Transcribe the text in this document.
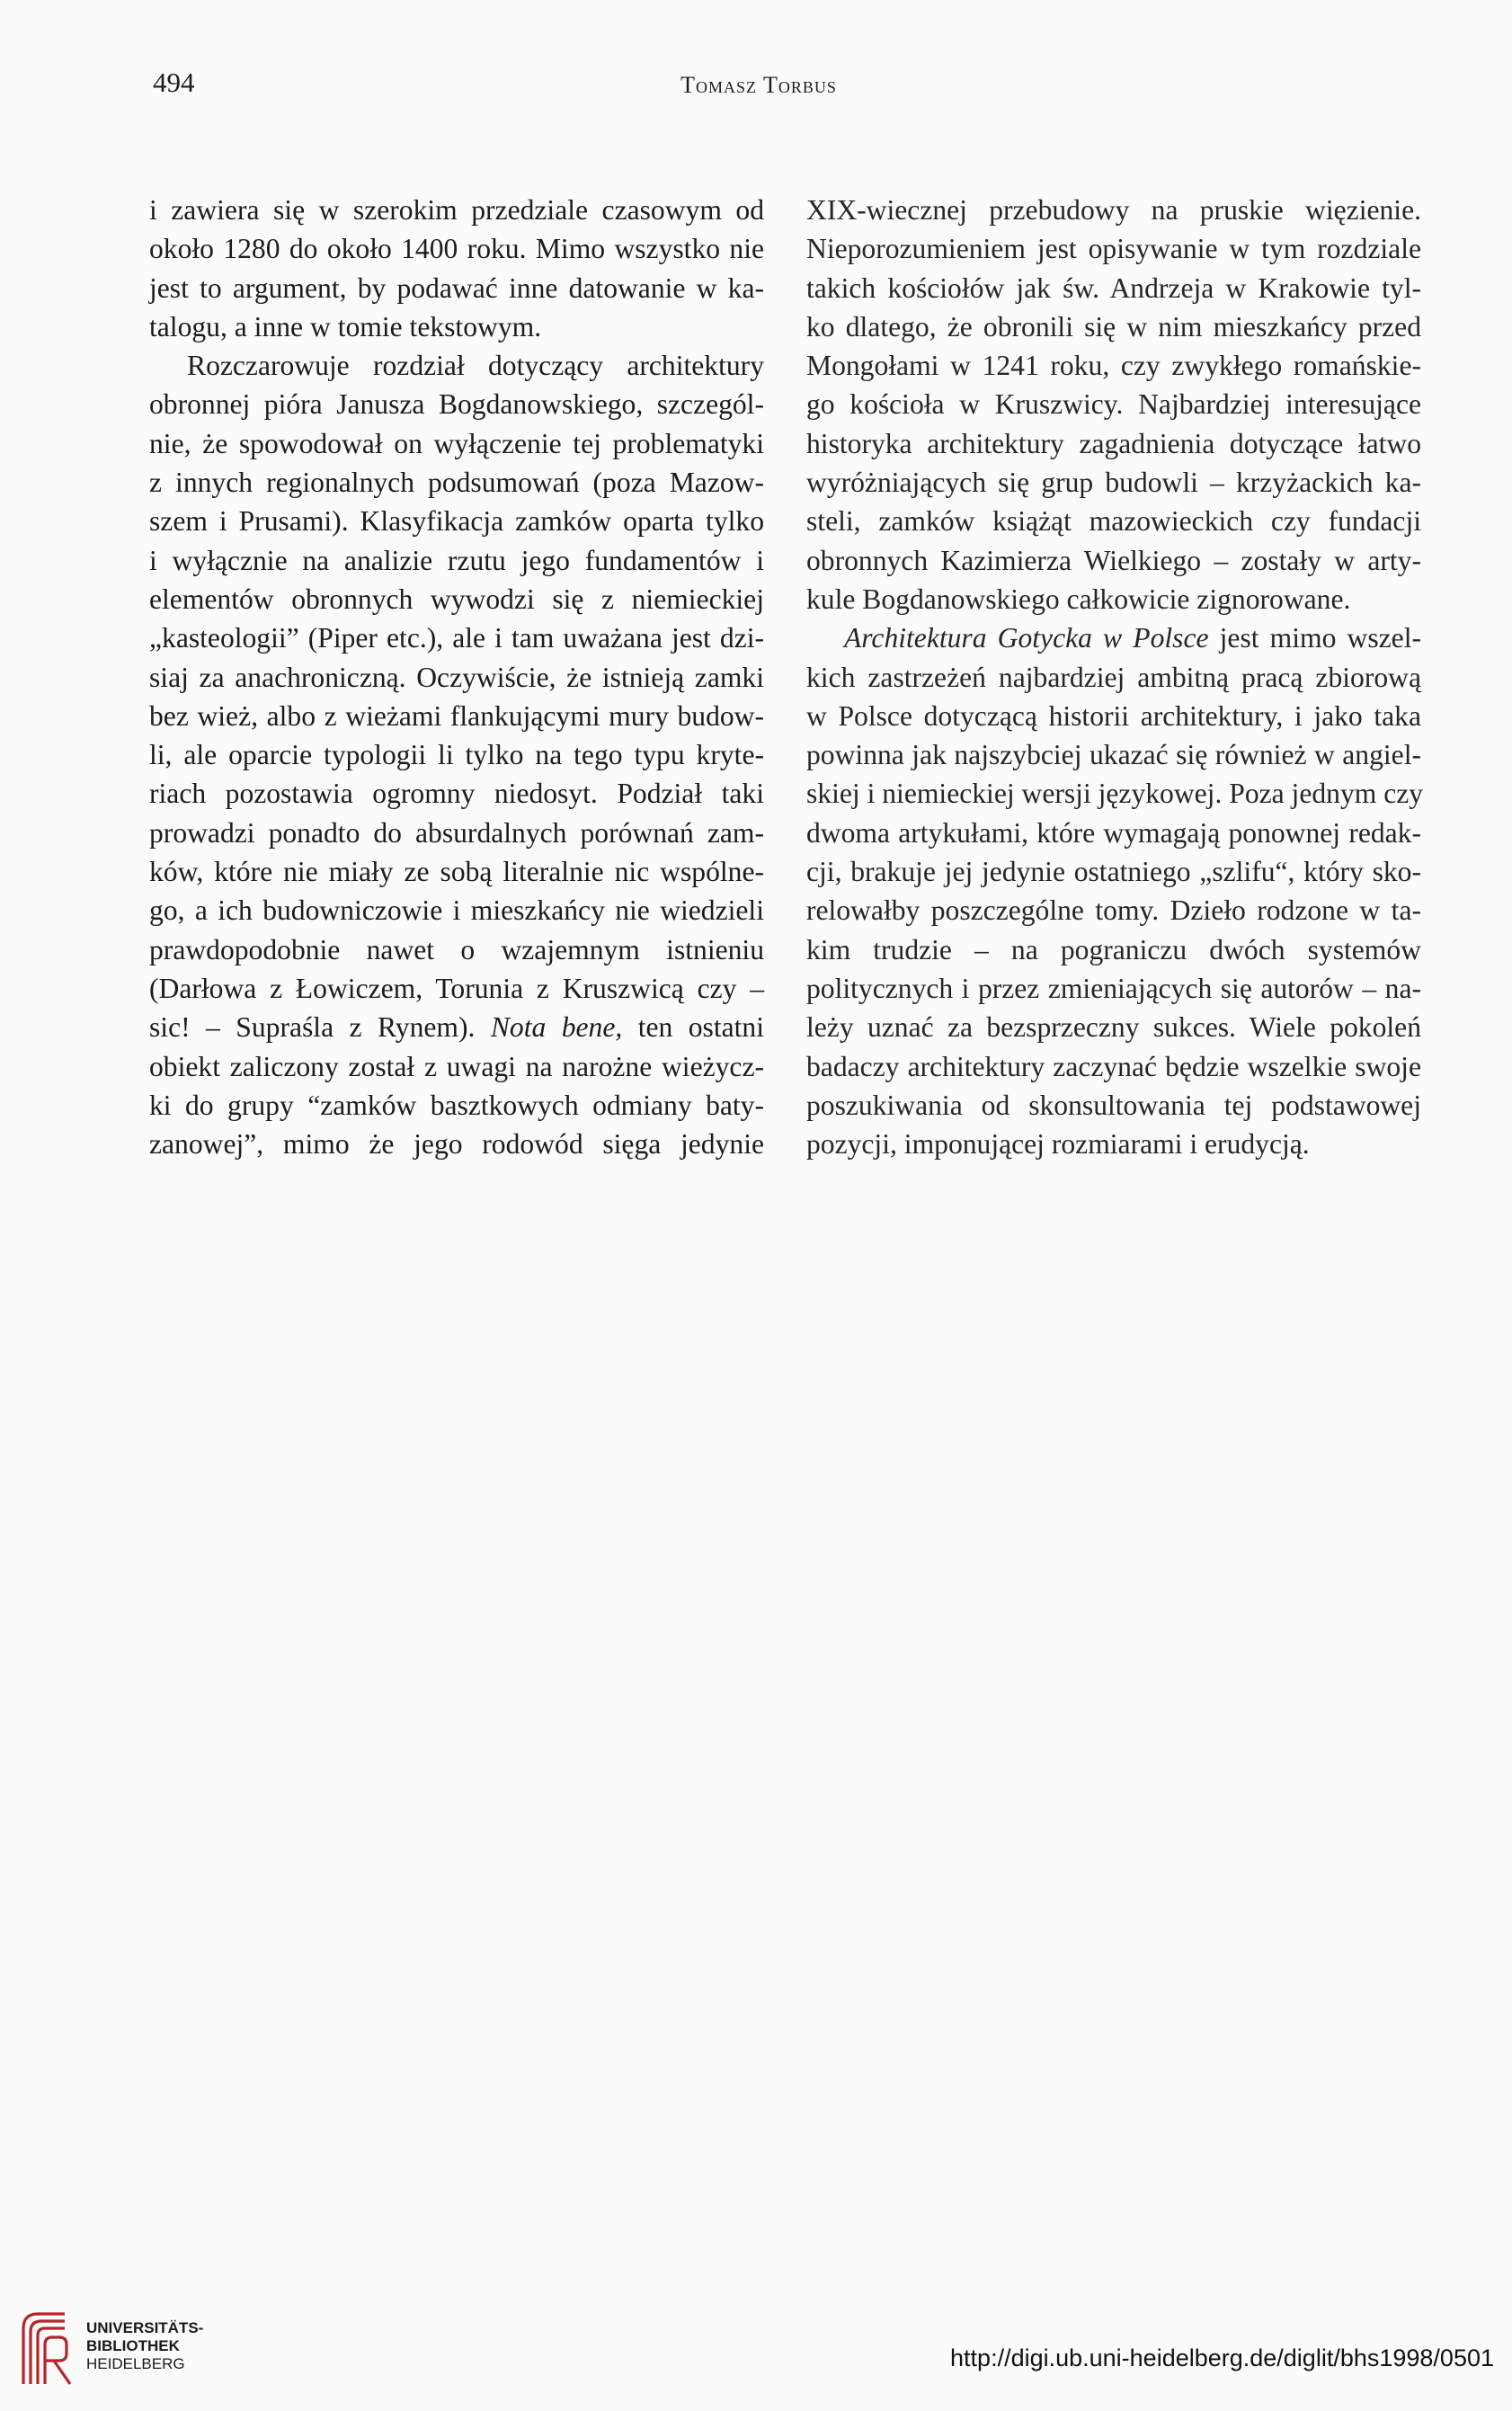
494	Tomasz Torbus
i zawiera się w szerokim przedziale czasowym od
około 1280 do około 1400 roku. Mimo wszystko nie
jest to argument, by podawać inne datowanie w ka-
talogu, a inne w tomie tekstowym.
Rozczarowuje rozdział dotyczący architektury
obronnej pióra Janusza Bogdanowskiego, szczegól-
nie, że spowodował on wyłączenie tej problematyki
z innych regionalnych podsumowań (poza Mazow-
szem i Prusami). Klasyfikacja zamków oparta tylko
i wyłącznie na analizie rzutu jego fundamentów i
elementów obronnych wywodzi się z niemieckiej
„kasteologii” (Piper etc.), ale i tam uważana jest dzi-
siaj za anachroniczną. Oczywiście, że istnieją zamki
bez wież, albo z wieżami flankującymi mury budow-
li, ale oparcie typologii li tylko na tego typu kryte-
riach pozostawia ogromny niedosyt. Podział taki
prowadzi ponadto do absurdalnych porównań zam-
ków, które nie miały ze sobą literalnie nic wspólne-
go, a ich budowniczowie i mieszkańcy nie wiedzieli
prawdopodobnie nawet o wzajemnym istnieniu
(Darłowa z Łowiczem, Torunia z Kruszwicą czy –
sic! – Supraśla z Rynem). Nota bene, ten ostatni
obiekt zaliczony został z uwagi na narożne wieżycz-
ki do grupy “zamków basztkowych odmiany baty-
zanowej”, mimo że jego rodowód sięga jedynie
XIX-wiecznej przebudowy na pruskie więzienie.
Nieporozumieniem jest opisywanie w tym rozdziale
takich kościołów jak św. Andrzeja w Krakowie tyl-
ko dlatego, że obronili się w nim mieszkańcy przed
Mongołami w 1241 roku, czy zwykłego romańskie-
go kościoła w Kruszwicy. Najbardziej interesujące
historyka architektury zagadnienia dotyczące łatwo
wyróżniających się grup budowli – krzyżackich ka-
steli, zamków książąt mazowieckich czy fundacji
obronnych Kazimierza Wielkiego – zostały w arty-
kule Bogdanowskiego całkowicie zignorowane.
Architektura Gotycka w Polsce jest mimo wszel-
kich zastrzeżeń najbardziej ambitną pracą zbiorową
w Polsce dotyczącą historii architektury, i jako taka
powinna jak najszybciej ukazać się również w angiel-
skiej i niemieckiej wersji językowej. Poza jednym czy
dwoma artykułami, które wymagają ponownej redak-
cji, brakuje jej jedynie ostatniego „szlifu“, który sko-
relowałby poszczególne tomy. Dzieło rodzone w ta-
kim trudzie – na pograniczu dwóch systemów
politycznych i przez zmieniających się autorów – na-
leży uznać za bezsprzeczny sukces. Wiele pokoleń
badaczy architektury zaczynać będzie wszelkie swoje
poszukiwania od skonsultowania tej podstawowej
pozycji, imponującej rozmiarami i erudycją.
UNIVERSITÄTS-
BIBLIOTHEK
HEIDELBERG	http://digi.ub.uni-heidelberg.de/diglit/bhs1998/0501
